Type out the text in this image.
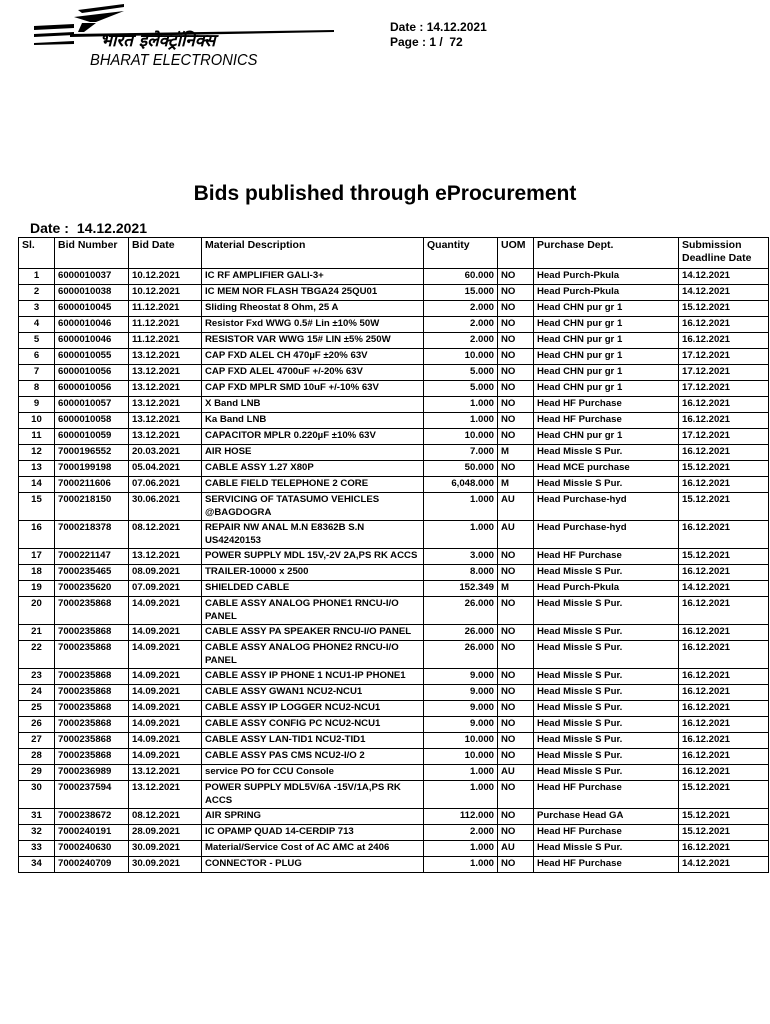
भारत इलेक्ट्रॉनिक्स
BHARAT ELECTRONICS
Date : 14.12.2021
Page : 1 / 72
Bids published through eProcurement
Date : 14.12.2021
Sl.	Bid Number	Bid Date	Material Description	Quantity	UOM	Purchase Dept.	Submission Deadline Date
1	6000010037	10.12.2021	IC RF AMPLIFIER GALI-3+	60.000	NO	Head Purch-Pkula	14.12.2021
2	6000010038	10.12.2021	IC MEM NOR FLASH TBGA24 25QU01	15.000	NO	Head Purch-Pkula	14.12.2021
3	6000010045	11.12.2021	Sliding Rheostat 8 Ohm, 25 A	2.000	NO	Head CHN pur gr 1	15.12.2021
4	6000010046	11.12.2021	Resistor Fxd WWG 0.5# Lin ±10% 50W	2.000	NO	Head CHN pur gr 1	16.12.2021
5	6000010046	11.12.2021	RESISTOR VAR WWG 15# LIN ±5% 250W	2.000	NO	Head CHN pur gr 1	16.12.2021
6	6000010055	13.12.2021	CAP FXD ALEL CH 470µF ±20% 63V	10.000	NO	Head CHN pur gr 1	17.12.2021
7	6000010056	13.12.2021	CAP FXD ALEL 4700uF +/-20% 63V	5.000	NO	Head CHN pur gr 1	17.12.2021
8	6000010056	13.12.2021	CAP FXD MPLR SMD 10uF +/-10% 63V	5.000	NO	Head CHN pur gr 1	17.12.2021
9	6000010057	13.12.2021	X Band LNB	1.000	NO	Head HF Purchase	16.12.2021
10	6000010058	13.12.2021	Ka Band LNB	1.000	NO	Head HF Purchase	16.12.2021
11	6000010059	13.12.2021	CAPACITOR MPLR 0.220µF ±10% 63V	10.000	NO	Head CHN pur gr 1	17.12.2021
12	7000196552	20.03.2021	AIR HOSE	7.000	M	Head Missle S Pur.	16.12.2021
13	7000199198	05.04.2021	CABLE ASSY 1.27 X80P	50.000	NO	Head MCE purchase	15.12.2021
14	7000211606	07.06.2021	CABLE FIELD TELEPHONE 2 CORE	6,048.000	M	Head Missle S Pur.	16.12.2021
15	7000218150	30.06.2021	SERVICING OF TATASUMO VEHICLES @BAGDOGRA	1.000	AU	Head Purchase-hyd	15.12.2021
16	7000218378	08.12.2021	REPAIR NW ANAL M.N E8362B S.N US42420153	1.000	AU	Head Purchase-hyd	16.12.2021
17	7000221147	13.12.2021	POWER SUPPLY MDL 15V,-2V 2A,PS RK ACCS	3.000	NO	Head HF Purchase	15.12.2021
18	7000235465	08.09.2021	TRAILER-10000 x 2500	8.000	NO	Head Missle S Pur.	16.12.2021
19	7000235620	07.09.2021	SHIELDED CABLE	152.349	M	Head Purch-Pkula	14.12.2021
20	7000235868	14.09.2021	CABLE ASSY ANALOG PHONE1 RNCU-I/O PANEL	26.000	NO	Head Missle S Pur.	16.12.2021
21	7000235868	14.09.2021	CABLE ASSY PA SPEAKER RNCU-I/O PANEL	26.000	NO	Head Missle S Pur.	16.12.2021
22	7000235868	14.09.2021	CABLE ASSY ANALOG PHONE2 RNCU-I/O PANEL	26.000	NO	Head Missle S Pur.	16.12.2021
23	7000235868	14.09.2021	CABLE ASSY IP PHONE 1 NCU1-IP PHONE1	9.000	NO	Head Missle S Pur.	16.12.2021
24	7000235868	14.09.2021	CABLE ASSY GWAN1 NCU2-NCU1	9.000	NO	Head Missle S Pur.	16.12.2021
25	7000235868	14.09.2021	CABLE ASSY IP LOGGER NCU2-NCU1	9.000	NO	Head Missle S Pur.	16.12.2021
26	7000235868	14.09.2021	CABLE ASSY CONFIG PC NCU2-NCU1	9.000	NO	Head Missle S Pur.	16.12.2021
27	7000235868	14.09.2021	CABLE ASSY LAN-TID1 NCU2-TID1	10.000	NO	Head Missle S Pur.	16.12.2021
28	7000235868	14.09.2021	CABLE ASSY PAS CMS NCU2-I/O 2	10.000	NO	Head Missle S Pur.	16.12.2021
29	7000236989	13.12.2021	service PO for CCU Console	1.000	AU	Head Missle S Pur.	16.12.2021
30	7000237594	13.12.2021	POWER SUPPLY MDL5V/6A -15V/1A,PS RK ACCS	1.000	NO	Head HF Purchase	15.12.2021
31	7000238672	08.12.2021	AIR SPRING	112.000	NO	Purchase Head GA	15.12.2021
32	7000240191	28.09.2021	IC OPAMP QUAD 14-CERDIP 713	2.000	NO	Head HF Purchase	15.12.2021
33	7000240630	30.09.2021	Material/Service Cost of AC AMC at 2406	1.000	AU	Head Missle S Pur.	16.12.2021
34	7000240709	30.09.2021	CONNECTOR - PLUG	1.000	NO	Head HF Purchase	14.12.2021
